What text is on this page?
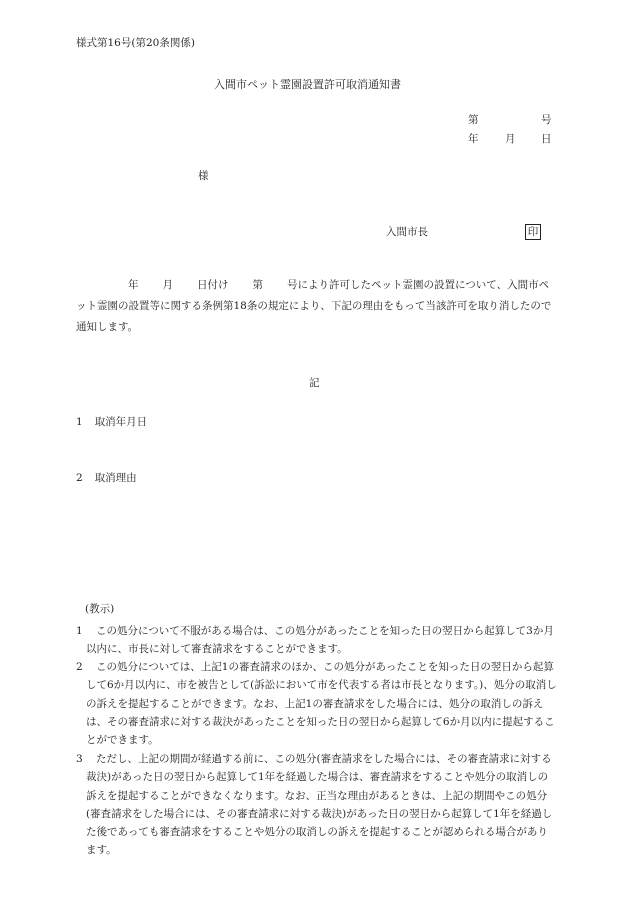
様式第16号(第20条関係)
入間市ペット霊園設置許可取消通知書
第	号
年	月 日
様
入間市長	印
年 月 日付け 第 号により許可したペット霊園の設置について、入間市ペット霊園の設置等に関する条例第18条の規定により、下記の理由をもって当該許可を取り消したので通知します。
記
1 取消年月日
2 取消理由
(教示)
1	この処分について不服がある場合は、この処分があったことを知った日の翌日から起算して3か月以内に、市長に対して審査請求をすることができます。
2	この処分については、上記1の審査請求のほか、この処分があったことを知った日の翌日から起算して6か月以内に、市を被告として(訴訟において市を代表する者は市長となります。)、処分の取消しの訴えを提起することができます。なお、上記1の審査請求をした場合には、処分の取消しの訴えは、その審査請求に対する裁決があったことを知った日の翌日から起算して6か月以内に提起することができます。
3	ただし、上記の期間が経過する前に、この処分(審査請求をした場合には、その審査請求に対する裁決)があった日の翌日から起算して1年を経過した場合は、審査請求をすることや処分の取消しの訴えを提起することができなくなります。なお、正当な理由があるときは、上記の期間やこの処分(審査請求をした場合には、その審査請求に対する裁決)があった日の翌日から起算して1年を経過した後であっても審査請求をすることや処分の取消しの訴えを提起することが認められる場合があります。
